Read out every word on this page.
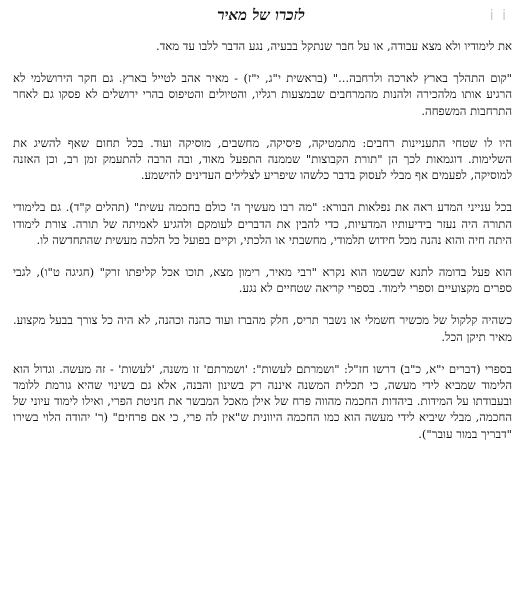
i i
לזכרו של מאיר

את לימודיו ולא מצא עבודה, או על חבר שנתקל בבעיה, נגע הדבר ללבו עד מאד.

"קום התהלך בארץ לארכה ולרחבה..." (בראשית י"ג, י"ז) - מאיר אהב לטייל בארץ. גם חקר הירושלמי לא הרגיע אותו מלהכירה ולהנות מהמרחבים שבמצעות רגליו, והטיולים והטיפוס בהרי ירושלים לא פסקו גם לאחר התרחבות המשפחה.

היו לו שטחי התעניינות רחבים: מתמטיקה, פיסיקה, מחשבים, מוסיקה ועוד. בכל תחום שאף להשיג את השלימות. דוגמאות לכך הן "תורת הקבוצות" שממנה התפעל מאוד, ובה הרבה להתעמק זמן רב, וכן האזנה למוסיקה, לפעמים אף מבלי לעסוק בדבר כלשהו שיפריע לצלילים העדינים להישמע.

בכל ענייני המדע ראה את נפלאות הבורא: "מה רבו מעשיך ה' כולם בחכמה עשית" (תהלים ק"ד). גם בלימודי התורה היה נעזר בידיעותיו המדעיות, כדי להבין את הדברים לעומקם ולהגיע לאמיתה של תורה. צורת לימודו היתה חיה והוא נהנה מכל חידוש תלמודי, מחשבתי או הלכתי, וקיים בפועל כל הלכה מעשית שהתחדשה לו.

הוא פעל בדומה לתנא שבשמו הוא נקרא "רבי מאיר, רימון מצא, תוכו אכל קליפתו זרק" (חגיגה ט"ו), לגבי ספרים מקצועיים וספרי לימוד. בספרי קריאה שטחיים לא נגע.

כשהיה קלקול של מכשיר חשמלי או נשבר תריס, חלק מהברז ועוד כהנה וכהנה, לא היה כל צורך בבעל מקצוע. מאיר תיקן הכל.

בספרי (דברים י"א, כ"ב) דרשו חז"ל: "ושמרתם לעשות": 'ושמרתם' זו משנה, 'לעשות' - זה מעשה. וגדול הוא הלימוד שמביא לידי מעשה, כי תכלית המשנה איננה רק בשינון והבנה, אלא גם בשינוי שהיא גורמת ללומד ובעבודתו על המידות. ביהדות החכמה מהווה פרח של אילן מאכל המבשר את חניטת הפרי, ואילו לימוד עיוני של החכמה, מבלי שיביא לידי מעשה הוא כמו החכמה היוונית ש"אין לה פרי, כי אם פרחים" (ר' יהודה הלוי בשירו "דבריך במור עובר").
